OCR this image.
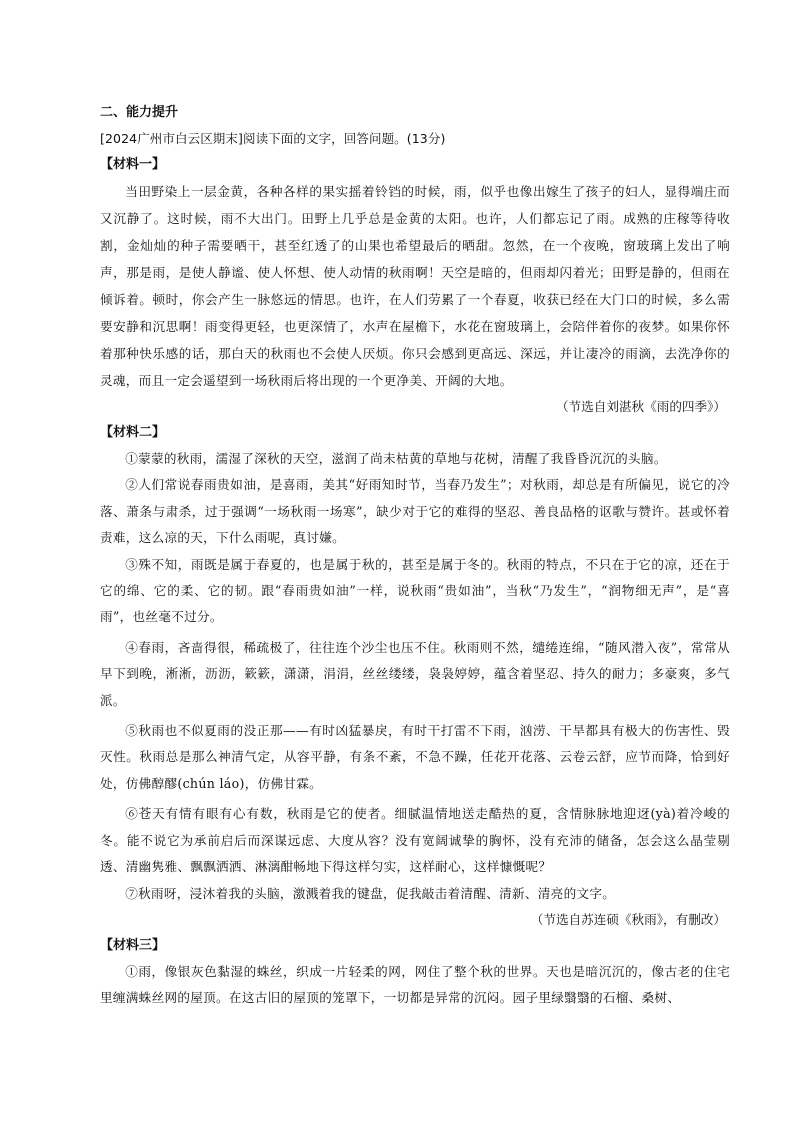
二、能力提升

[2024广州市白云区期末]阅读下面的文字，回答问题。(13分)

【材料一】

当田野染上一层金黄，各种各样的果实摇着铃铛的时候，雨，似乎也像出嫁生了孩子的妇人，显得端庄而又沉静了。这时候，雨不大出门。田野上几乎总是金黄的太阳。也许，人们都忘记了雨。成熟的庄稼等待收割，金灿灿的种子需要晒干，甚至红透了的山果也希望最后的晒甜。忽然，在一个夜晚，窗玻璃上发出了响声，那是雨，是使人静谧、使人怀想、使人动情的秋雨啊！天空是暗的，但雨却闪着光；田野是静的，但雨在倾诉着。顿时，你会产生一脉悠远的情思。也许，在人们劳累了一个春夏，收获已经在大门口的时候，多么需要安静和沉思啊！雨变得更轻，也更深情了，水声在屋檐下，水花在窗玻璃上，会陪伴着你的夜梦。如果你怀着那种快乐感的话，那白天的秋雨也不会使人厌烦。你只会感到更高远、深远，并让凄冷的雨滴，去洗净你的灵魂，而且一定会遥望到一场秋雨后将出现的一个更净美、开阔的大地。

（节选自刘湛秋《雨的四季》）

【材料二】

①蒙蒙的秋雨，濡湿了深秋的天空，滋润了尚未枯黄的草地与花树，清醒了我昏昏沉沉的头脑。

②人们常说春雨贵如油，是喜雨，美其“好雨知时节，当春乃发生”；对秋雨，却总是有所偏见，说它的冷落、萧条与肃杀，过于强调“一场秋雨一场寒”，缺少对于它的难得的坚忍、善良品格的讴歌与赞许。甚或怀着责难，这么凉的天，下什么雨呢，真讨嫌。

③殊不知，雨既是属于春夏的，也是属于秋的，甚至是属于冬的。秋雨的特点，不只在于它的凉，还在于它的绵、它的柔、它的韧。跟“春雨贵如油”一样，说秋雨“贵如油”，当秋“乃发生”，“润物细无声”，是“喜雨”，也丝毫不过分。

④春雨，吝啬得很，稀疏极了，往往连个沙尘也压不住。秋雨则不然，缱绻连绵，“随风潜入夜”，常常从早下到晚，淅淅，沥沥，簌簌，潇潇，涓涓，丝丝缕缕，袅袅婷婷，蕴含着坚忍、持久的耐力；多豪爽，多气派。

⑤秋雨也不似夏雨的没正那——有时凶猛暴戾，有时干打雷不下雨，汹涝、干旱都具有极大的伤害性、毁灭性。秋雨总是那么神清气定，从容平静，有条不紊，不急不躁，任花开花落、云卷云舒，应节而降，恰到好处，仿佛醇醪(chún láo)，仿佛甘霖。

⑥苍天有情有眼有心有数，秋雨是它的使者。细腻温情地送走酷热的夏，含情脉脉地迎迓(yà)着冷峻的冬。能不说它为承前启后而深谋远虑、大度从容？没有宽阔诚挚的胸怀，没有充沛的储备，怎会这么晶莹剔透、清幽隽雅、飘飘洒洒、淋漓酣畅地下得这样匀实，这样耐心，这样慷慨呢？

⑦秋雨呀，浸沐着我的头脑，激溅着我的键盘，促我敲击着清醒、清新、清亮的文字。

（节选自苏连硕《秋雨》，有删改）

【材料三】

①雨，像银灰色黏湿的蛛丝，织成一片轻柔的网，网住了整个秋的世界。天也是暗沉沉的，像古老的住宅里缠满蛛丝网的屋顶。在这古旧的屋顶的笼罩下，一切都是异常的沉闷。园子里绿翳翳的石榴、桑树、
